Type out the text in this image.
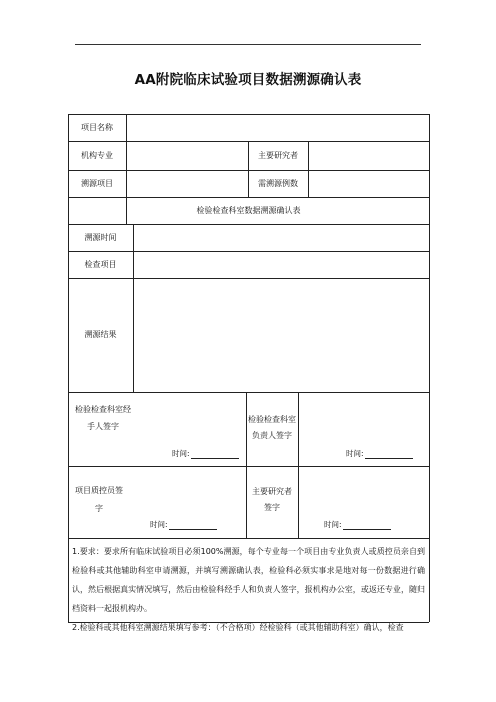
AA附院临床试验项目数据溯源确认表
项目名称
机构专业	主要研究者
溯源项目	需溯源例数
检验检查科室数据溯源确认表
溯源时间
检查项目
溯源结果
检验检查科室经手人签字
时间:
检验检查科室负责人签字
时间:
项目质控员签字
时间:
主要研究者签字
时间:
1.要求：要求所有临床试验项目必须100%溯源，每个专业每一个项目由专业负责人或质控员亲自到检验科或其他辅助科室申请溯源，并填写溯源确认表，检验科必须实事求是地对每一份数据进行确认，然后根据真实情况填写，然后由检验科经手人和负责人签字，报机构办公室，或返还专业，随归档资料一起报机构办。
2.检验科或其他科室溯源结果填写参考：（不合格项）经检验科（或其他辅助科室）确认，检查
